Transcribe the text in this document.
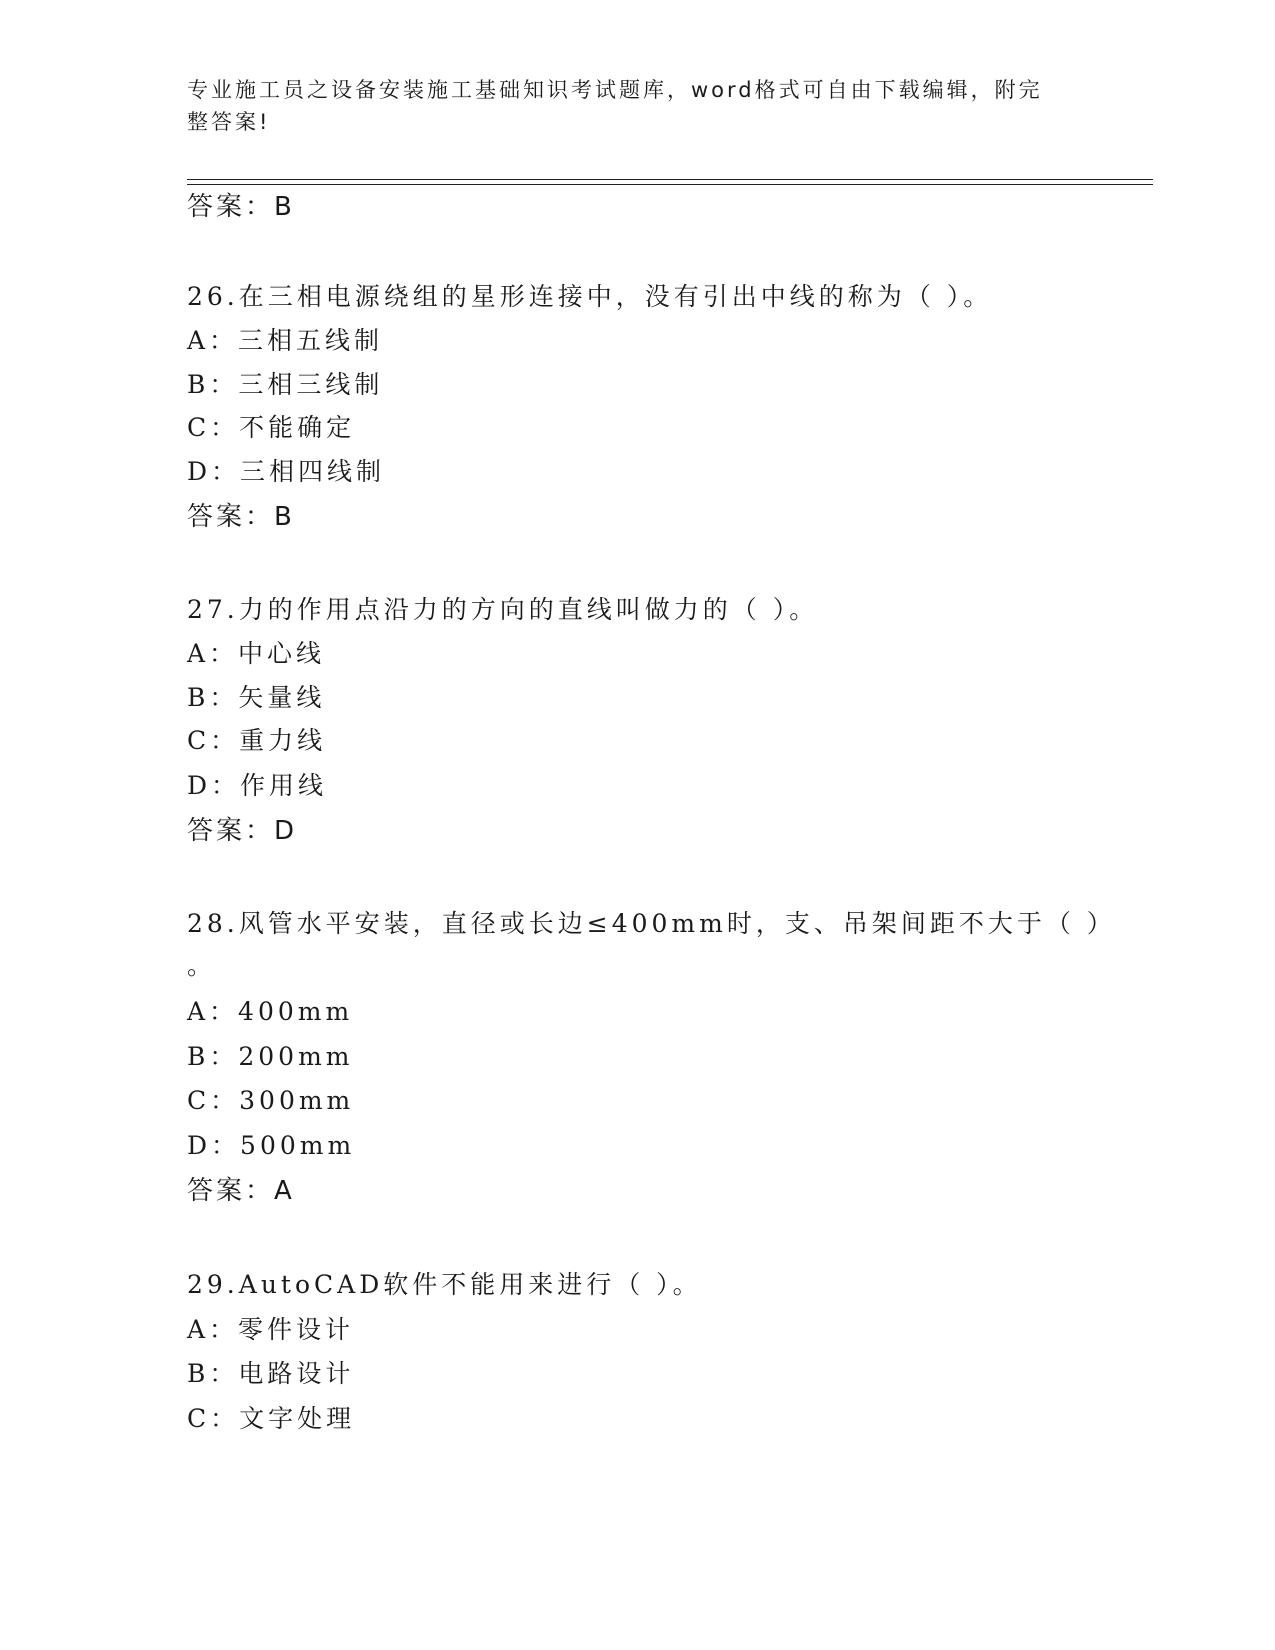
专业施工员之设备安装施工基础知识考试题库，word格式可自由下载编辑，附完
整答案!
答案：B
26.在三相电源绕组的星形连接中，没有引出中线的称为（ ）。
A：三相五线制
B：三相三线制
C：不能确定
D：三相四线制
答案：B
27.力的作用点沿力的方向的直线叫做力的（ ）。
A：中心线
B：矢量线
C：重力线
D：作用线
答案：D
28.风管水平安装，直径或长边≤400mm时，支、吊架间距不大于（ ）
。
A：400mm
B：200mm
C：300mm
D：500mm
答案：A
29.AutoCAD软件不能用来进行（ ）。
A：零件设计
B：电路设计
C：文字处理
